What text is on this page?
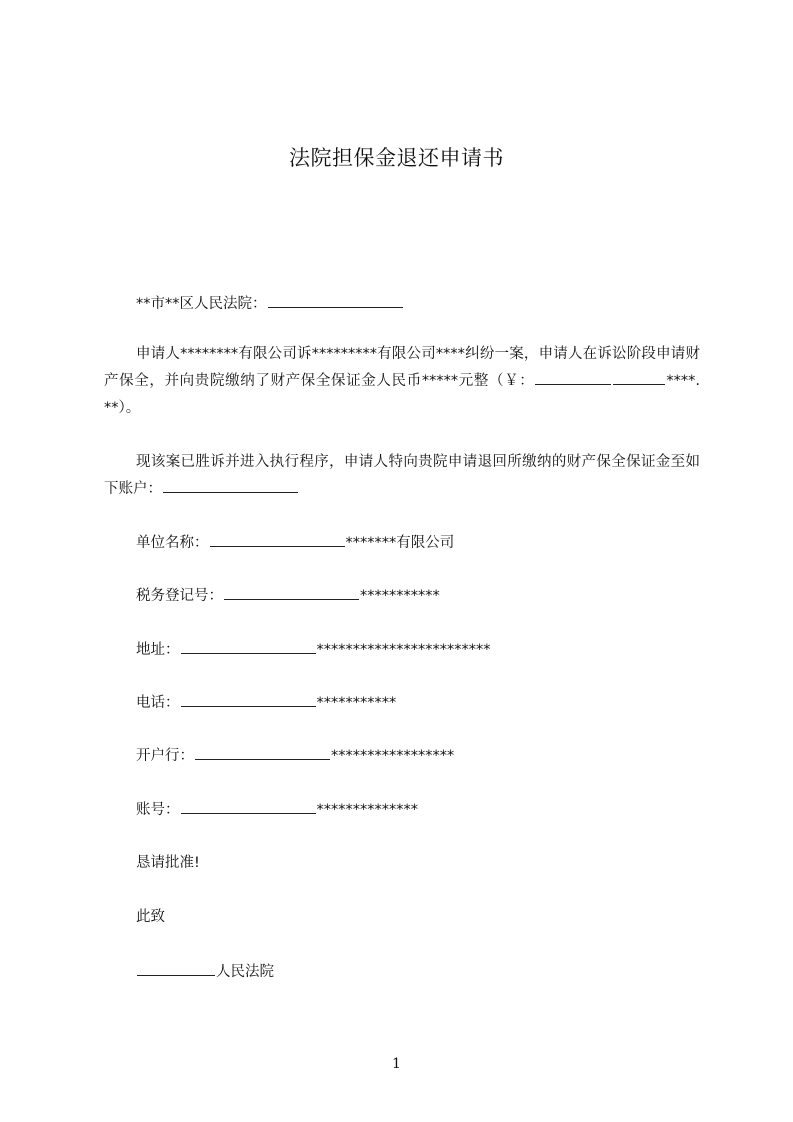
法院担保金退还申请书
**市**区人民法院：
申请人********有限公司诉*********有限公司****纠纷一案，申请人在诉讼阶段申请财产保全，并向贵院缴纳了财产保全保证金人民币*****元整（￥：	****. **）。
现该案已胜诉并进入执行程序，申请人特向贵院申请退回所缴纳的财产保全保证金至如下账户：
单位名称：	*******有限公司
税务登记号：	***********
地址：	************************
电话：	***********
开户行：	*****************
账号：	**************
恳请批准!
此致
人民法院
1
